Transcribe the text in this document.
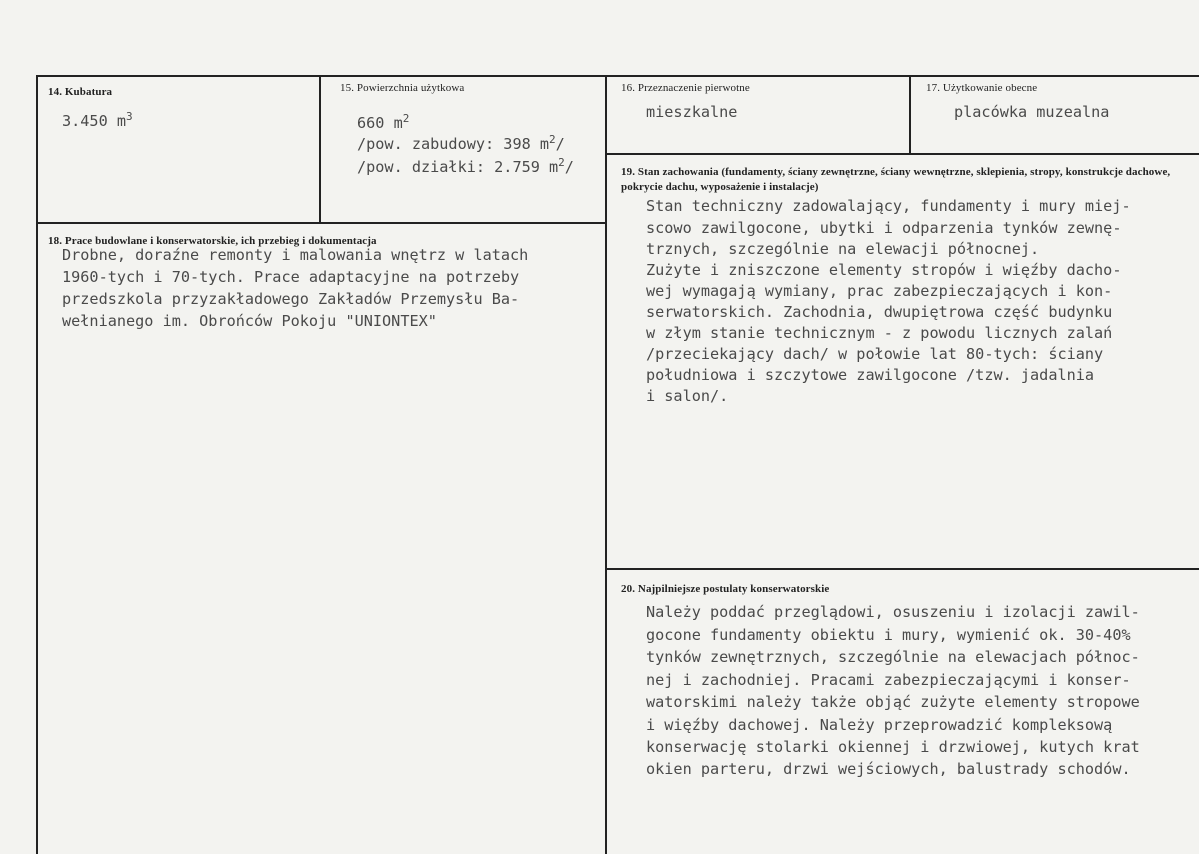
14. Kubatura
3.450 $m^3$
15. Powierzchnia użytkowa
660 $m^2$
/pow. zabudowy: 398 $m^2/$
/pow. działki: 2.759 $m^2/$
16. Przeznaczenie pierwotne
mieszkalne
17. Użytkowanie obecne
placówka muzealna
18. Prace budowlane i konserwatorskie, ich przebieg i dokumentacja
Drobne, doraźne remonty i malowania wnętrz w latach
1960-tych i 70-tych. Prace adaptacyjne na potrzeby
przedszkola przyzakładowego Zakładów Przemysłu Ba-
wełnianego im. Obrońców Pokoju "UNIONTEX"
19. Stan zachowania (fundamenty, ściany zewnętrzne, ściany wewnętrzne, sklepienia, stropy, konstrukcje dachowe, pokrycie dachu, wyposażenie i instalacje)
Stan techniczny zadowalający, fundamenty i mury miej-
scowo zawilgocone, ubytki i odparzenia tynków zewnę-
trznych, szczególnie na elewacji północnej.
Zużyte i zniszczone elementy stropów i więźby dacho-
wej wymagają wymiany, prac zabezpieczających i kon-
serwatorskich. Zachodnia, dwupiętrowa część budynku
w złym stanie technicznym - z powodu licznych zalań
/przeciekający dach/ w połowie lat 80-tych: ściany
południowa i szczytowe zawilgocone /tzw. jadalnia
i salon/.
20. Najpilniejsze postulaty konserwatorskie
Należy poddać przeglądowi, osuszeniu i izolacji zawil-
gocone fundamenty obiektu i mury, wymienić ok. 30-40%
tynków zewnętrznych, szczególnie na elewacjach północ-
nej i zachodniej. Pracami zabezpieczającymi i konser-
watorskimi należy także objąć zużyte elementy stropowe
i więźby dachowej. Należy przeprowadzić kompleksową
konserwację stolarki okiennej i drzwiowej, kutych krat
okien parteru, drzwi wejściowych, balustrady schodów.
